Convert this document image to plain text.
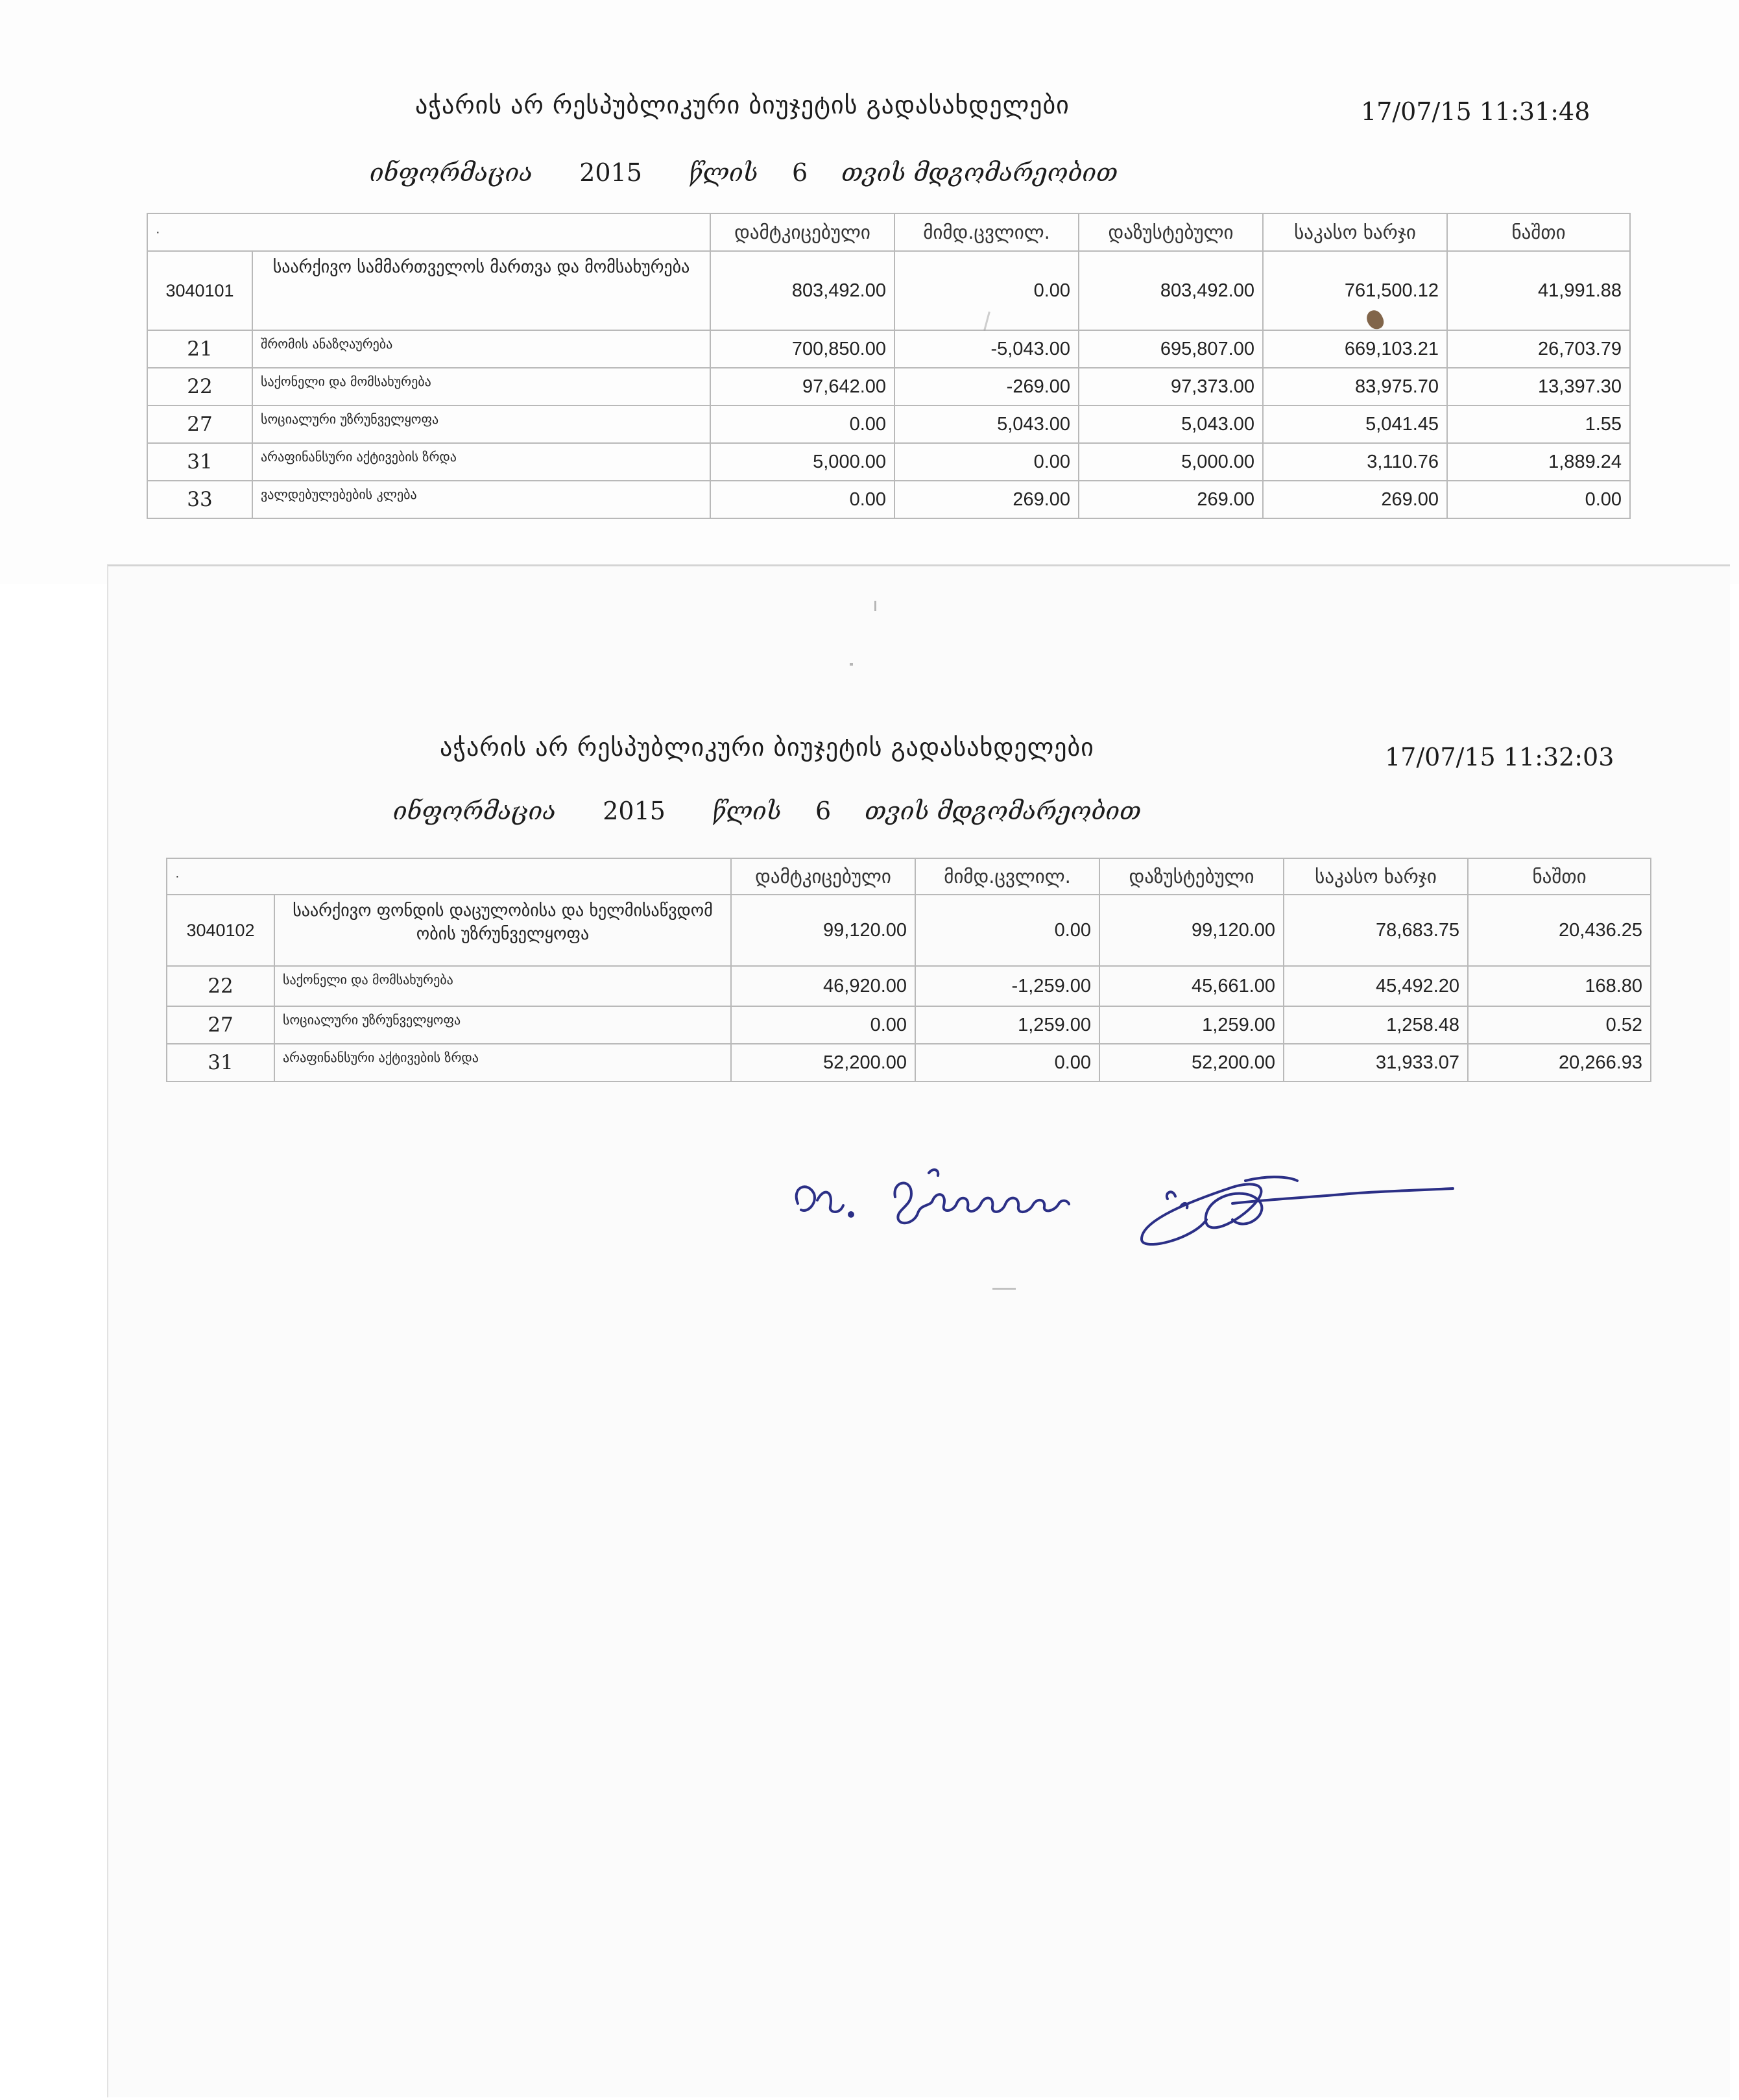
აჭარის არ რესპუბლიკური ბიუჯეტის გადასახდელები	17/07/15 11:31:48
ინფორმაცია 2015 წლის 6 თვის მდგომარეობით
·		დამტკიცებული	მიმდ.ცვლილ.	დაზუსტებული	საკასო ხარჯი	ნაშთი
3040101	საარქივო სამმართველოს მართვა და მომსახურება	803,492.00	0.00	803,492.00	761,500.12	41,991.88
21	შრომის ანაზღაურება	700,850.00	-5,043.00	695,807.00	669,103.21	26,703.79
22	საქონელი და მომსახურება	97,642.00	-269.00	97,373.00	83,975.70	13,397.30
27	სოციალური უზრუნველყოფა	0.00	5,043.00	5,043.00	5,041.45	1.55
31	არაფინანსური აქტივების ზრდა	5,000.00	0.00	5,000.00	3,110.76	1,889.24
33	ვალდებულებების კლება	0.00	269.00	269.00	269.00	0.00
აჭარის არ რესპუბლიკური ბიუჯეტის გადასახდელები	17/07/15 11:32:03
ინფორმაცია 2015 წლის 6 თვის მდგომარეობით
·		დამტკიცებული	მიმდ.ცვლილ.	დაზუსტებული	საკასო ხარჯი	ნაშთი
3040102	საარქივო ფონდის დაცულობისა და ხელმისაწვდომ ობის უზრუნველყოფა	99,120.00	0.00	99,120.00	78,683.75	20,436.25
22	საქონელი და მომსახურება	46,920.00	-1,259.00	45,661.00	45,492.20	168.80
27	სოციალური უზრუნველყოფა	0.00	1,259.00	1,259.00	1,258.48	0.52
31	არაფინანსური აქტივების ზრდა	52,200.00	0.00	52,200.00	31,933.07	20,266.93
